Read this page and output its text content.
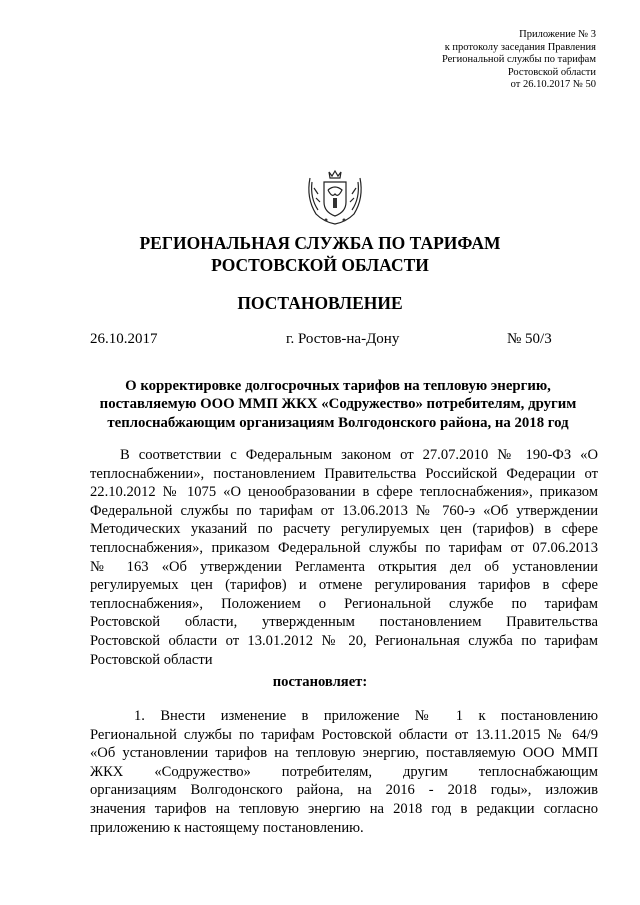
Приложение № 3
к протоколу заседания Правления
Региональной службы по тарифам
Ростовской области
от 26.10.2017 № 50
РЕГИОНАЛЬНАЯ СЛУЖБА ПО ТАРИФАМ
РОСТОВСКОЙ ОБЛАСТИ
ПОСТАНОВЛЕНИЕ
26.10.2017	г. Ростов-на-Дону	№ 50/3
О корректировке долгосрочных тарифов на тепловую энергию,
поставляемую ООО ММП ЖКХ «Содружество» потребителям, другим
теплоснабжающим организациям Волгодонского района, на 2018 год
В соответствии с Федеральным законом от 27.07.2010 № 190-ФЗ «О
теплоснабжении», постановлением Правительства Российской Федерации от
22.10.2012 № 1075 «О ценообразовании в сфере теплоснабжения», приказом
Федеральной службы по тарифам от 13.06.2013 № 760-э «Об утверждении
Методических указаний по расчету регулируемых цен (тарифов) в сфере
теплоснабжения», приказом Федеральной службы по тарифам от 07.06.2013
№ 163 «Об утверждении Регламента открытия дел об установлении
регулируемых цен (тарифов) и отмене регулирования тарифов в сфере
теплоснабжения», Положением о Региональной службе по тарифам
Ростовской области, утвержденным постановлением Правительства
Ростовской области от 13.01.2012 № 20, Региональная служба по тарифам
Ростовской области
постановляет:
1. Внести изменение в приложение № 1 к постановлению
Региональной службы по тарифам Ростовской области от 13.11.2015 № 64/9
«Об установлении тарифов на тепловую энергию, поставляемую ООО ММП
ЖКХ «Содружество» потребителям, другим теплоснабжающим
организациям Волгодонского района, на 2016 - 2018 годы», изложив
значения тарифов на тепловую энергию на 2018 год в редакции согласно
приложению к настоящему постановлению.
